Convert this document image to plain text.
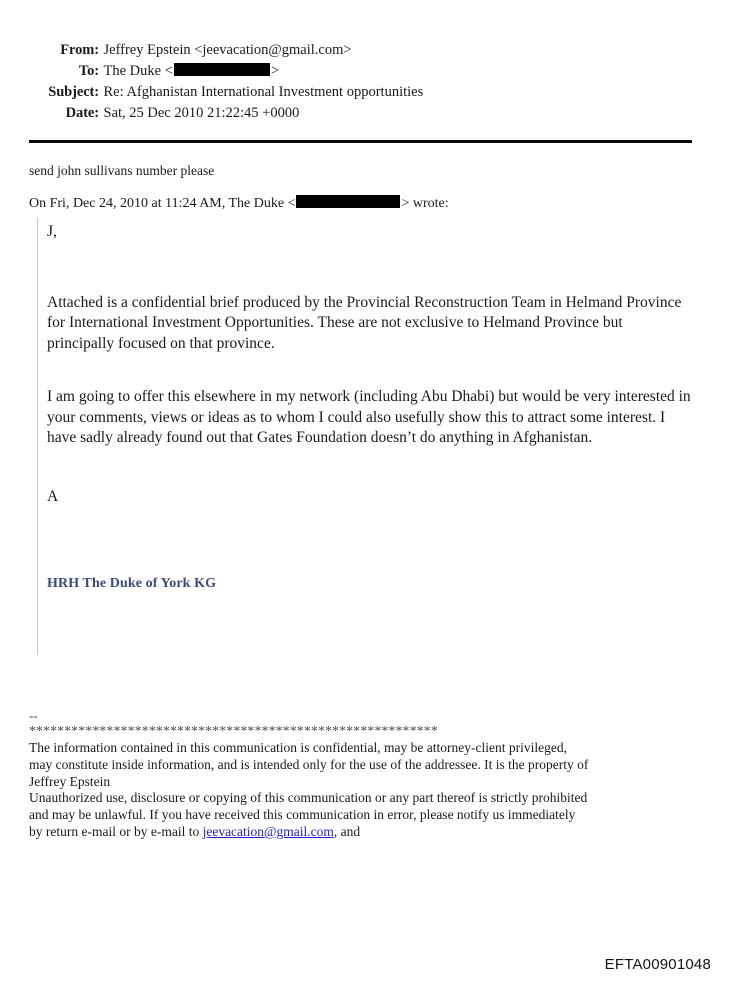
From: Jeffrey Epstein <jeevacation@gmail.com>
To: The Duke <	>
Subject: Re: Afghanistan International Investment opportunities
Date: Sat, 25 Dec 2010 21:22:45 +0000
send john sullivans number please
On Fri, Dec 24, 2010 at 11:24 AM, The Duke <	> wrote:

J,

Attached is a confidential brief produced by the Provincial Reconstruction Team in Helmand Province for International Investment Opportunities. These are not exclusive to Helmand Province but principally focused on that province.

I am going to offer this elsewhere in my network (including Abu Dhabi) but would be very interested in your comments, views or ideas as to whom I could also usefully show this to attract some interest. I have sadly already found out that Gates Foundation doesn’t do anything in Afghanistan.

A

HRH The Duke of York KG

--
**********************************************************

The information contained in this communication is confidential, may be attorney-client privileged, may constitute inside information, and is intended only for the use of the addressee. It is the property of
Jeffrey Epstein
Unauthorized use, disclosure or copying of this communication or any part thereof is strictly prohibited and may be unlawful. If you have received this communication in error, please notify us immediately by return e-mail or by e-mail to jeevacation@gmail.com, and

EFTA00901048
